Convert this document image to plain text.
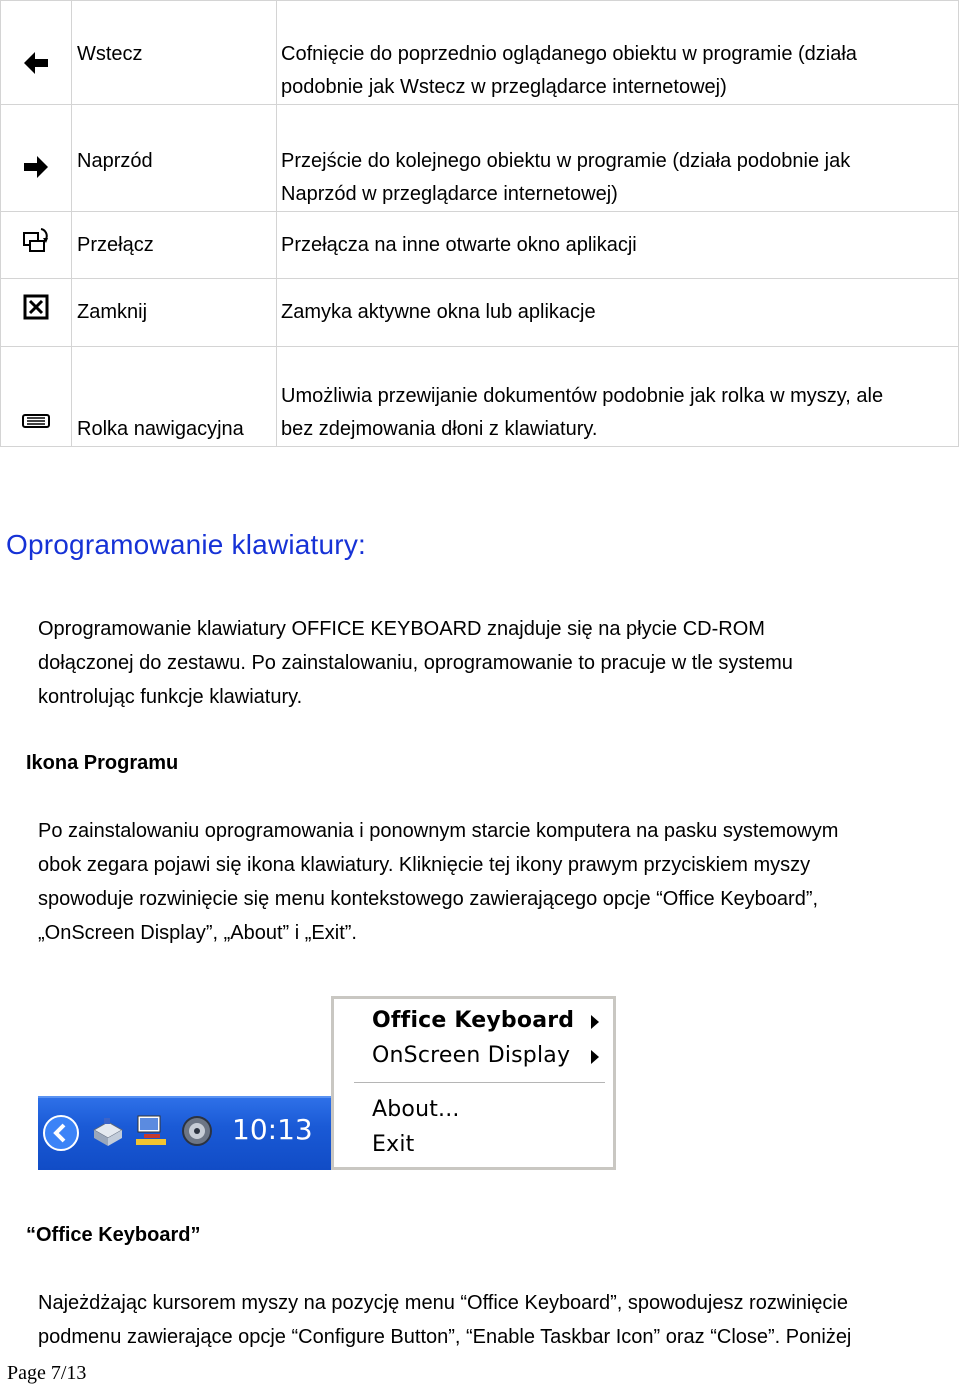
	Wstecz	Cofnięcie do poprzednio oglądanego obiektu w programie (działa
podobnie jak Wstecz w przeglądarce internetowej)

	Naprzód	Przejście do kolejnego obiektu w programie (działa podobnie jak
Naprzód w przeglądarce internetowej)

	Przełącz	Przełącza na inne otwarte okno aplikacji
	Zamknij	Zamyka aktywne okna lub aplikacje
	Rolka nawigacyjna	Umożliwia przewijanie dokumentów podobnie jak rolka w myszy, ale
bez zdejmowania dłoni z klawiatury.
Oprogramowanie klawiatury:
Oprogramowanie klawiatury OFFICE KEYBOARD znajduje się na płycie CD-ROM
dołączonej do zestawu. Po zainstalowaniu, oprogramowanie to pracuje w tle systemu
kontrolując funkcje klawiatury.
Ikona Programu
Po zainstalowaniu oprogramowania i ponownym starcie komputera na pasku systemowym
obok zegara pojawi się ikona klawiatury. Kliknięcie tej ikony prawym przyciskiem myszy
spowoduje rozwinięcie się menu kontekstowego zawierającego opcje “Office Keyboard”,
„OnScreen Display”, „About” i „Exit”.
10:13
Office Keyboard
OnScreen Display
About...
Exit
“Office Keyboard”
Najeżdżając kursorem myszy na pozycję menu “Office Keyboard”, spowodujesz rozwinięcie
podmenu zawierające opcje “Configure Button”, “Enable Taskbar Icon” oraz “Close”. Poniżej
Page 7/13
